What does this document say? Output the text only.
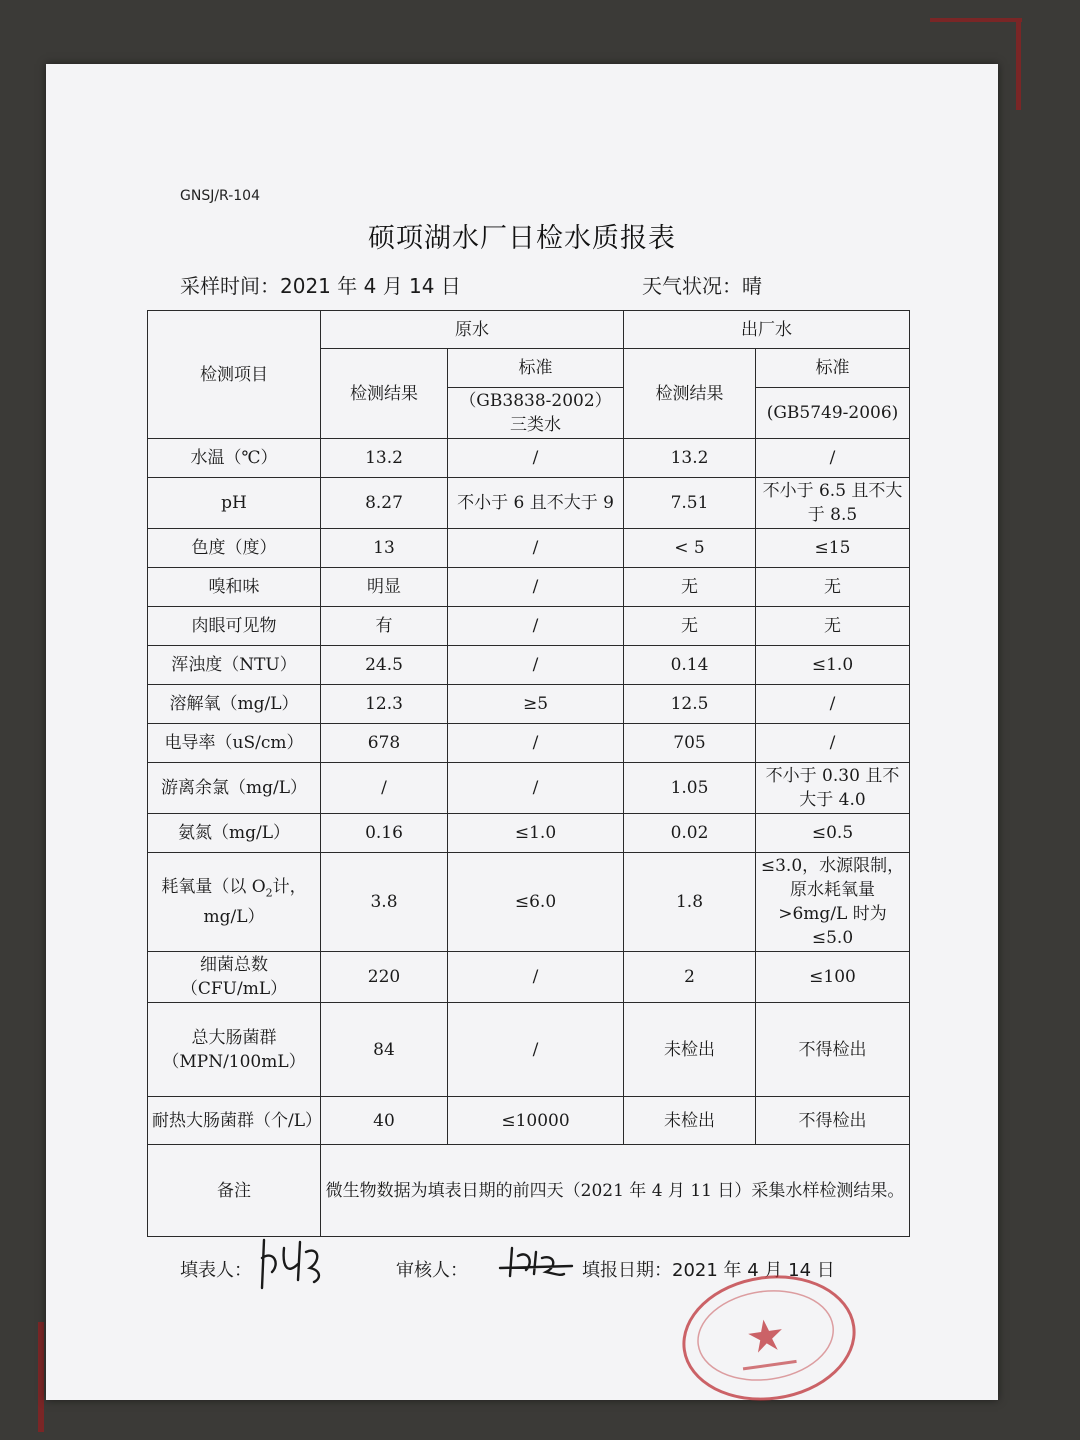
GNSJ/R-104
硕项湖水厂日检水质报表
采样时间：2021 年 4 月 14 日	天气状况：晴
检测项目	原水		出厂水	
	检测结果	标准	检测结果	标准
		（GB3838-2002）三类水		(GB5749-2006)
水温（℃）	13.2	/	13.2	/
pH	8.27	不小于 6 且不大于 9	7.51	不小于 6.5 且不大于 8.5
色度（度）	13	/	< 5	≤15
嗅和味	明显	/	无	无
肉眼可见物	有	/	无	无
浑浊度（NTU）	24.5	/	0.14	≤1.0
溶解氧（mg/L）	12.3	≥5	12.5	/
电导率（uS/cm）	678	/	705	/
游离余氯（mg/L）	/	/	1.05	不小于 0.30 且不大于 4.0
氨氮（mg/L）	0.16	≤1.0	0.02	≤0.5
耗氧量（以 $O_2$计，mg/L）	3.8	≤6.0	1.8	≤3.0，水源限制，原水耗氧量>6mg/L 时为≤5.0
细菌总数（CFU/mL）	220	/	2	≤100
总大肠菌群（MPN/100mL）	84	/	未检出	不得检出
耐热大肠菌群（个/L）	40	≤10000	未检出	不得检出
备注	微生物数据为填表日期的前四天（2021 年 4 月 11 日）采集水样检测结果。			
填表人：	审核人：	填报日期：2021 年 4 月 14 日
